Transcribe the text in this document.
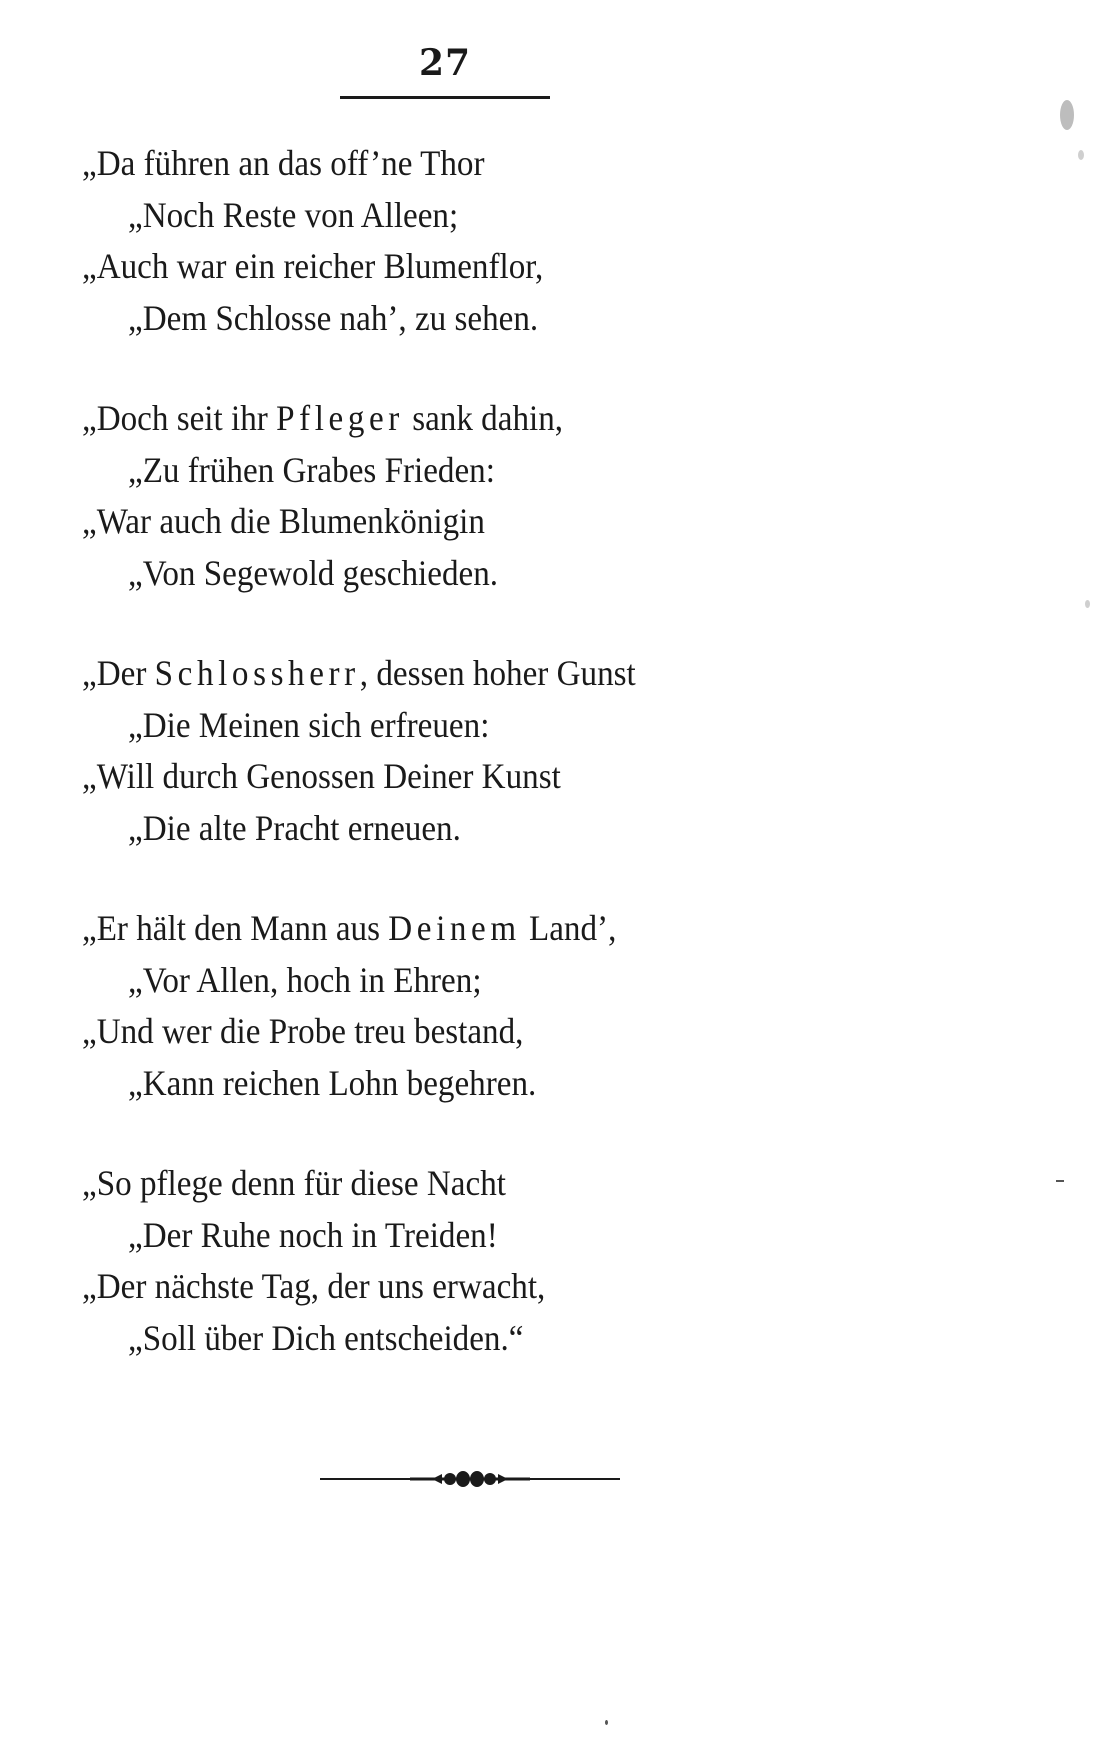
27
„Da führen an das off’ne Thor
„Noch Reste von Alleen;
„Auch war ein reicher Blumenflor,
„Dem Schlosse nah’, zu sehen.
„Doch seit ihr Pfleger sank dahin,
„Zu frühen Grabes Frieden:
„War auch die Blumenkönigin
„Von Segewold geschieden.
„Der Schlossherr, dessen hoher Gunst
„Die Meinen sich erfreuen:
„Will durch Genossen Deiner Kunst
„Die alte Pracht erneuen.
„Er hält den Mann aus Deinem Land’,
„Vor Allen, hoch in Ehren;
„Und wer die Probe treu bestand,
„Kann reichen Lohn begehren.
„So pflege denn für diese Nacht
„Der Ruhe noch in Treiden!
„Der nächste Tag, der uns erwacht,
„Soll über Dich entscheiden.“
